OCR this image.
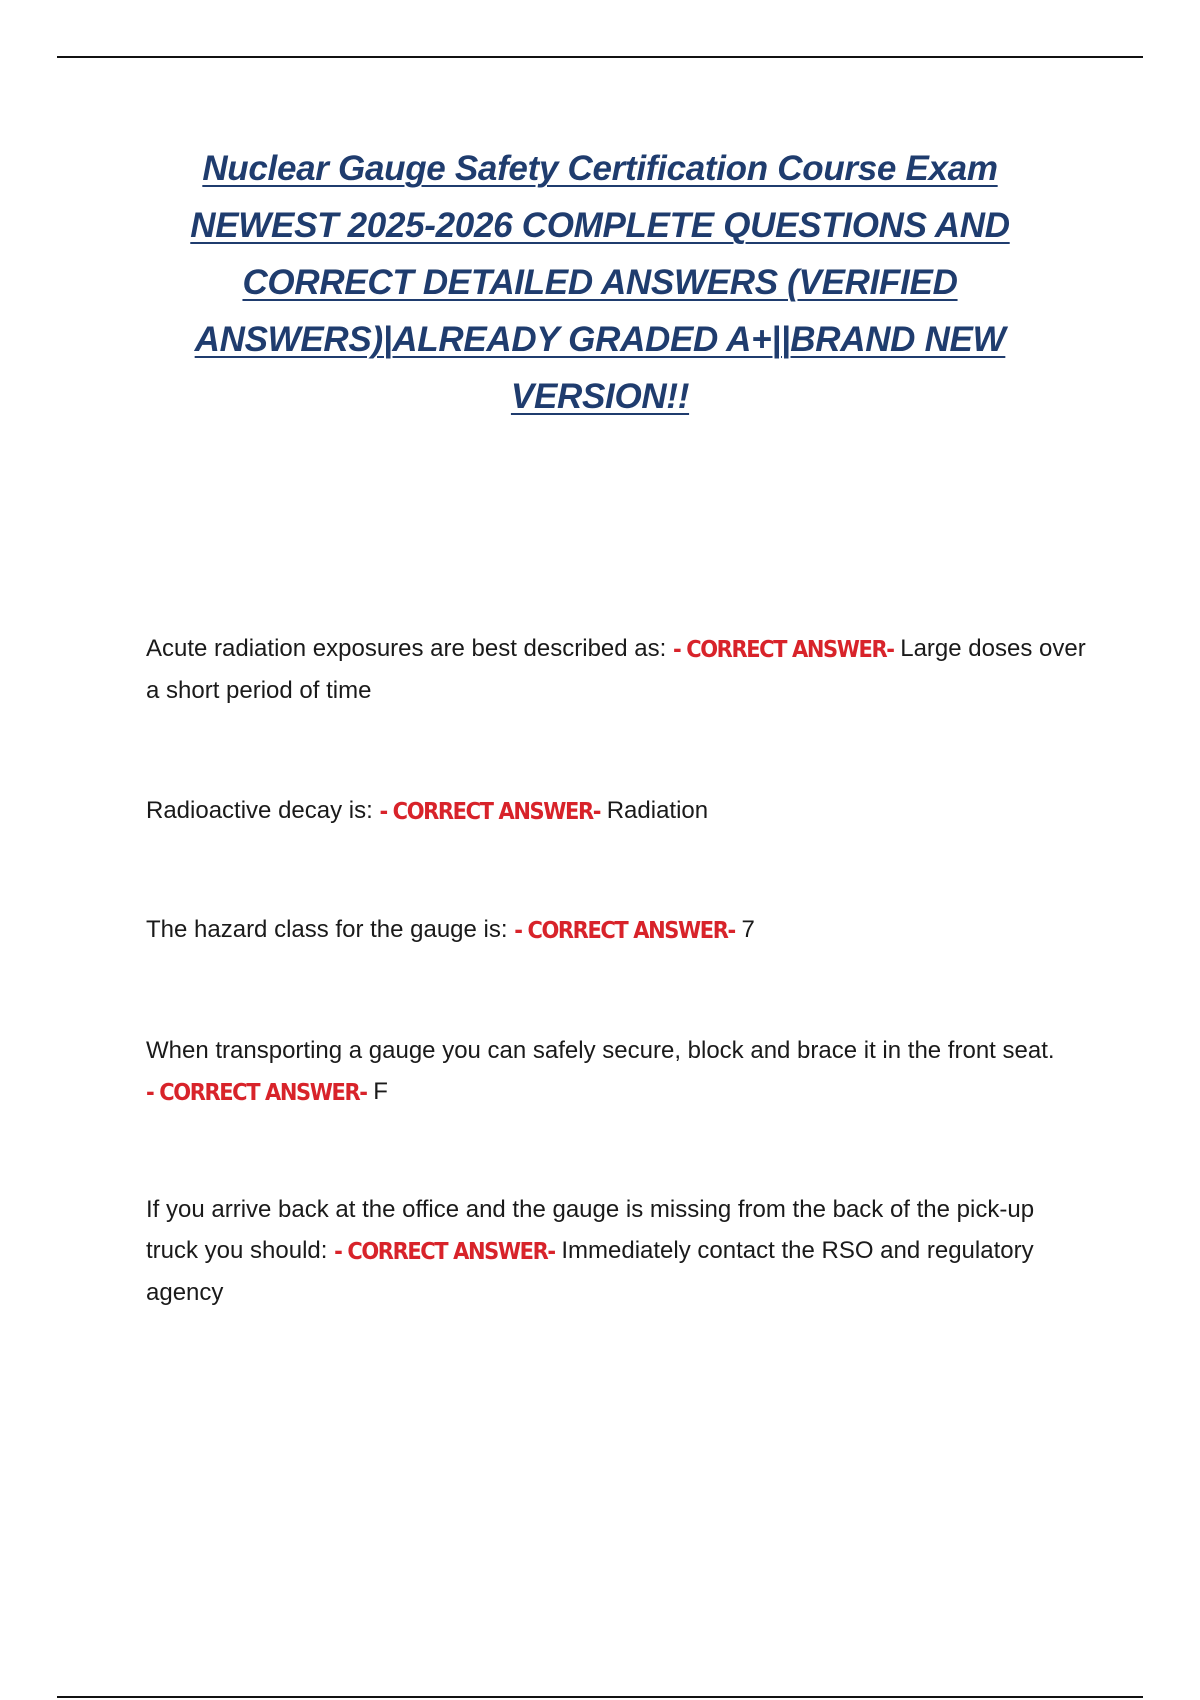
Nuclear Gauge Safety Certification Course Exam NEWEST 2025-2026 COMPLETE QUESTIONS AND CORRECT DETAILED ANSWERS (VERIFIED ANSWERS)|ALREADY GRADED A+||BRAND NEW VERSION!!
Acute radiation exposures are best described as: - CORRECT ANSWER- Large doses over a short period of time
Radioactive decay is: - CORRECT ANSWER- Radiation
The hazard class for the gauge is: - CORRECT ANSWER- 7
When transporting a gauge you can safely secure, block and brace it in the front seat. - CORRECT ANSWER- F
If you arrive back at the office and the gauge is missing from the back of the pick-up truck you should: - CORRECT ANSWER- Immediately contact the RSO and regulatory agency
